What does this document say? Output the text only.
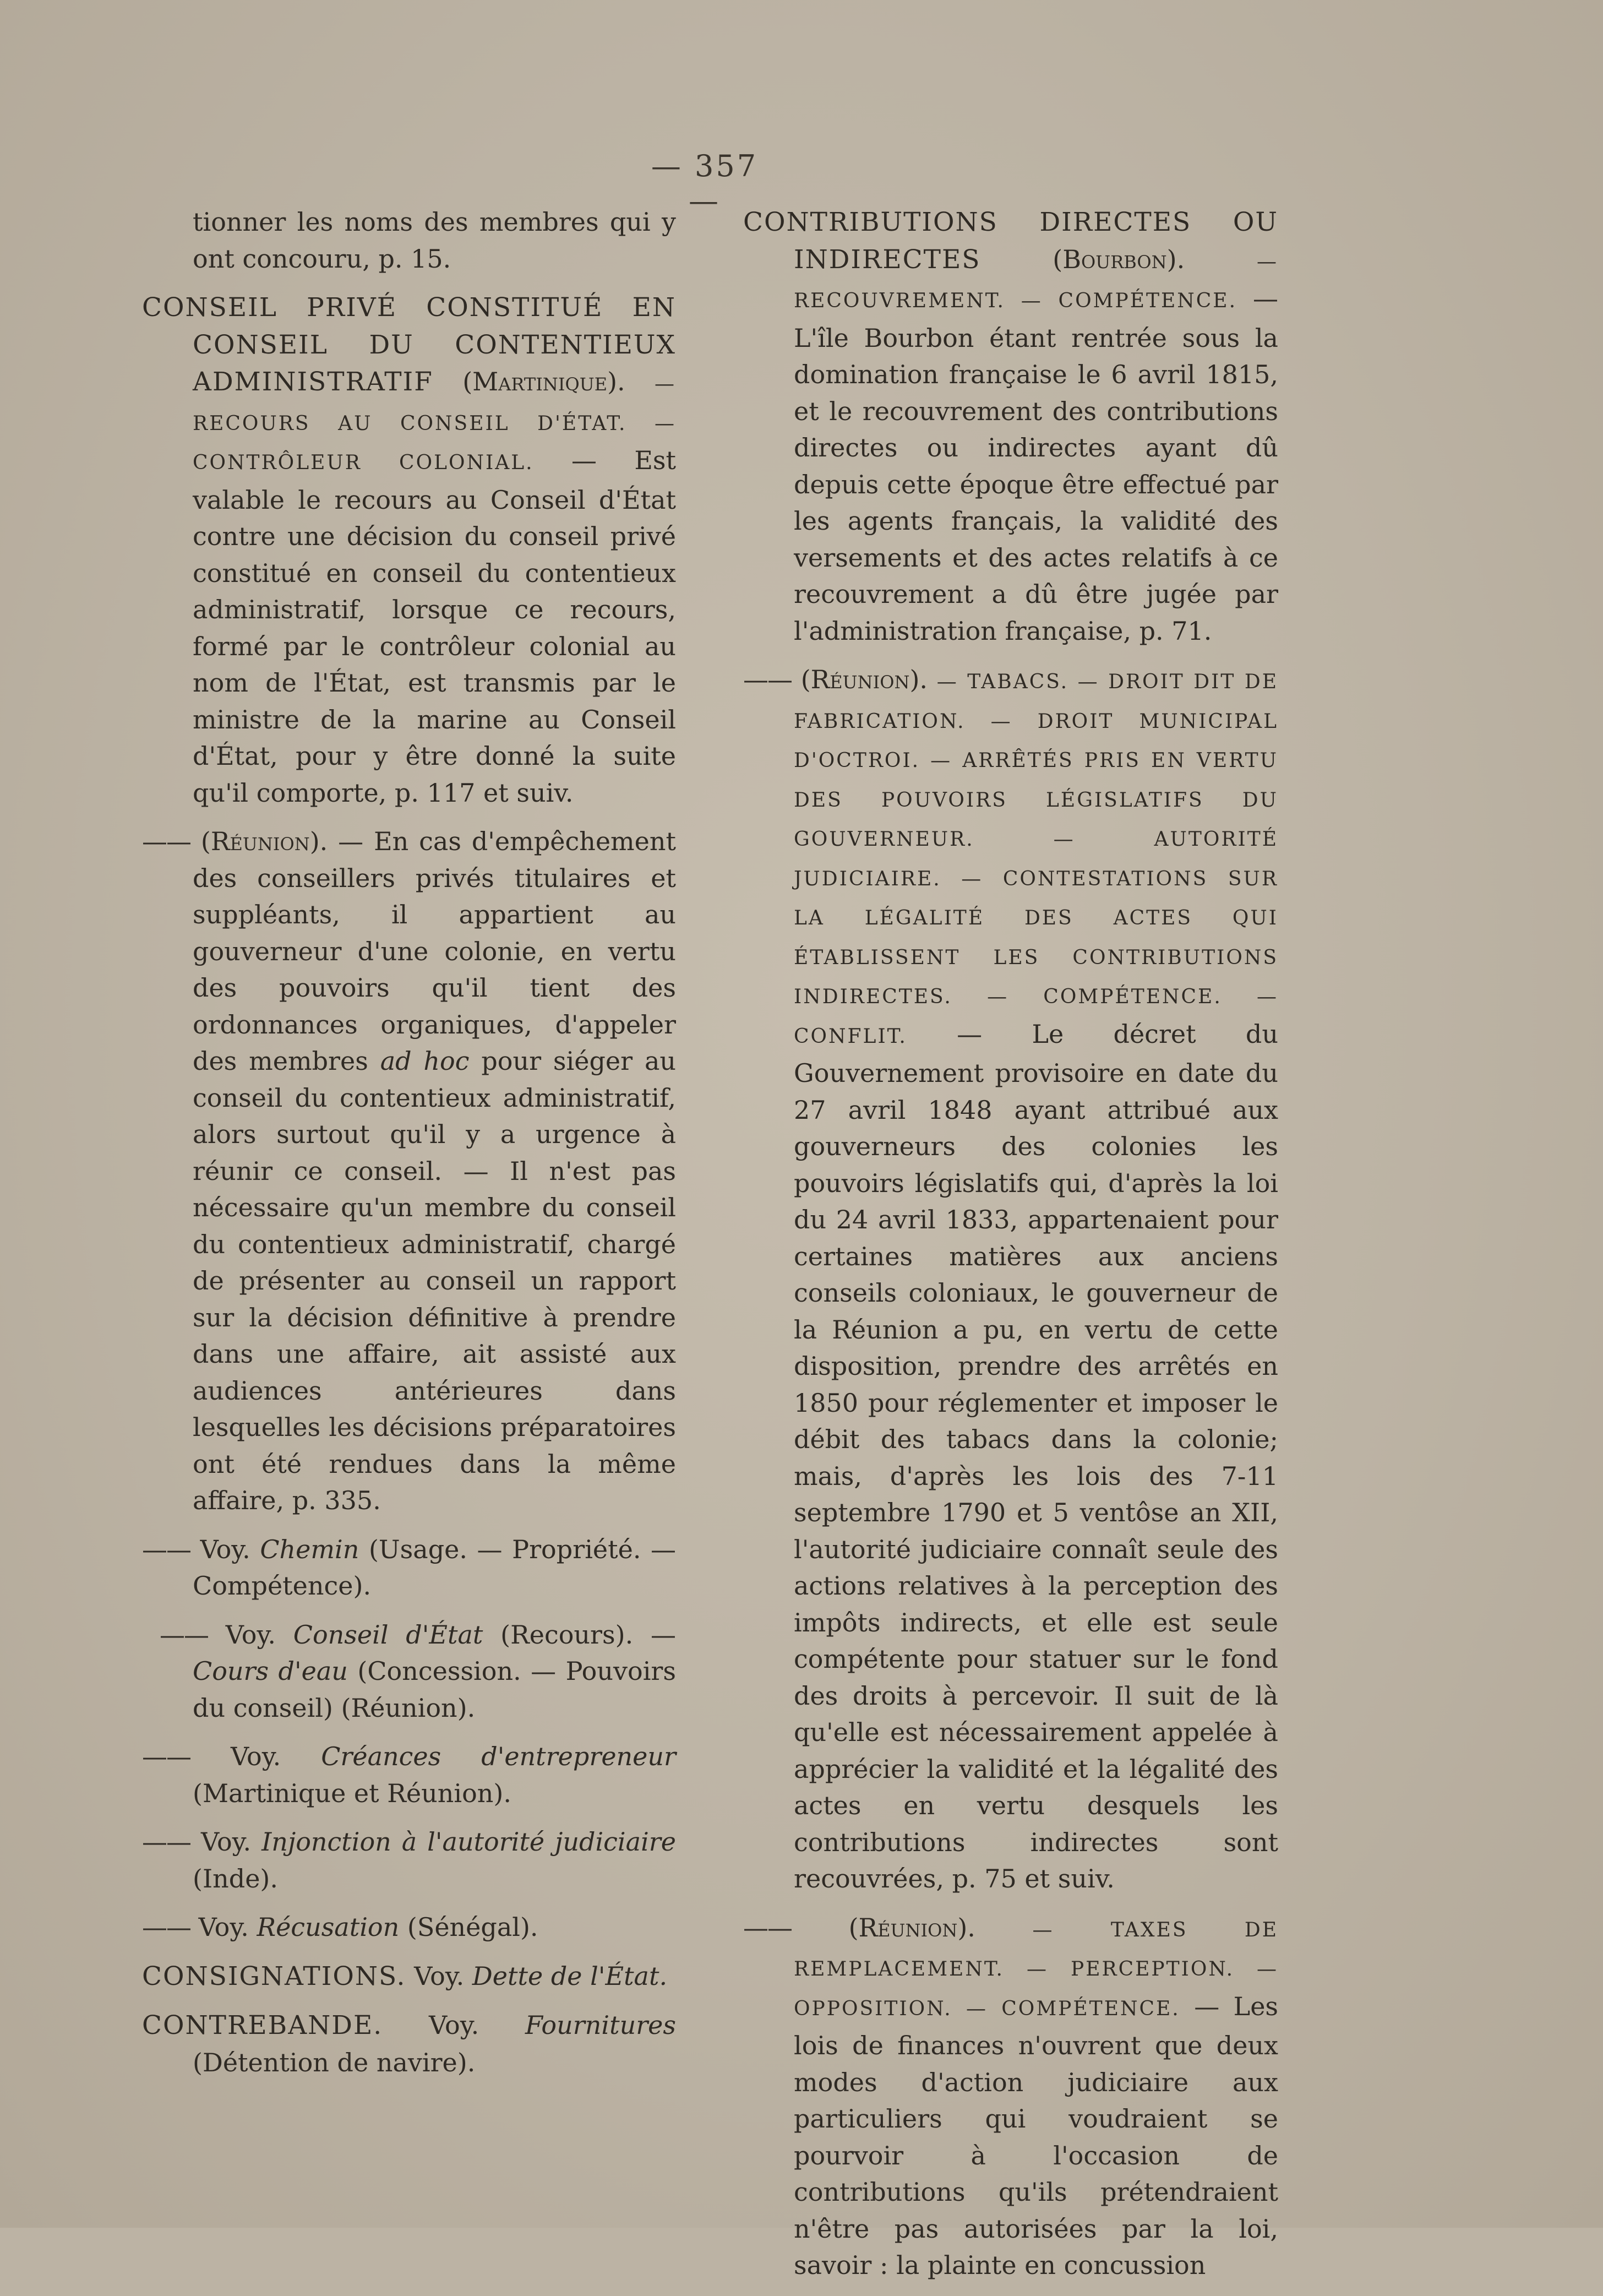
— 357 —

tionner les noms des membres qui y ont concouru, p. 15.

CONSEIL PRIVÉ CONSTITUÉ EN CONSEIL DU CONTENTIEUX ADMINISTRATIF (Martinique). — RECOURS AU CONSEIL D'ÉTAT. — CONTRÔLEUR COLONIAL. — Est valable le recours au Conseil d'État contre une décision du conseil privé constitué en conseil du contentieux administratif, lorsque ce recours, formé par le contrôleur colonial au nom de l'État, est transmis par le ministre de la marine au Conseil d'État, pour y être donné la suite qu'il comporte, p. 117 et suiv.

—— (Réunion). — En cas d'empêchement des conseillers privés titulaires et suppléants, il appartient au gouverneur d'une colonie, en vertu des pouvoirs qu'il tient des ordonnances organiques, d'appeler des membres ad hoc pour siéger au conseil du contentieux administratif, alors surtout qu'il y a urgence à réunir ce conseil. — Il n'est pas nécessaire qu'un membre du conseil du contentieux administratif, chargé de présenter au conseil un rapport sur la décision définitive à prendre dans une affaire, ait assisté aux audiences antérieures dans lesquelles les décisions préparatoires ont été rendues dans la même affaire, p. 335.

—— Voy. Chemin (Usage. — Propriété. — Compétence).

—— Voy. Conseil d'État (Recours). — Cours d'eau (Concession. — Pouvoirs du conseil) (Réunion).

—— Voy. Créances d'entrepreneur (Martinique et Réunion).

—— Voy. Injonction à l'autorité judiciaire (Inde).

—— Voy. Récusation (Sénégal).

CONSIGNATIONS. Voy. Dette de l'État.

CONTREBANDE. Voy. Fournitures (Détention de navire).

CONTRIBUTIONS DIRECTES OU INDIRECTES	(Bourbon).	— RECOUVREMENT. — COMPÉTENCE. — L'île Bourbon étant rentrée sous la domination française le 6 avril 1815, et le recouvrement des contributions directes ou indirectes ayant dû depuis cette époque être effectué par les agents français, la validité des versements et des actes relatifs à ce recouvrement a dû être jugée par l'administration française, p. 71.

—— (Réunion). — TABACS. — DROIT DIT DE FABRICATION. — DROIT MUNICIPAL D'OCTROI. — ARRÊTÉS PRIS EN VERTU DES POUVOIRS LÉGISLATIFS DU GOUVERNEUR. — AUTORITÉ JUDICIAIRE. — CONTESTATIONS SUR LA LÉGALITÉ DES ACTES QUI ÉTABLISSENT LES CONTRIBUTIONS INDIRECTES. — COMPÉTENCE. — CONFLIT. — Le décret du Gouvernement provisoire en date du 27 avril 1848 ayant attribué aux gouverneurs des colonies les pouvoirs législatifs qui, d'après la loi du 24 avril 1833, appartenaient pour certaines matières aux anciens conseils coloniaux, le gouverneur de la Réunion a pu, en vertu de cette disposition, prendre des arrêtés en 1850 pour réglementer et imposer le débit des tabacs dans la colonie; mais, d'après les lois des 7-11 septembre 1790 et 5 ventôse an XII, l'autorité judiciaire connaît seule des actions relatives à la perception des impôts indirects, et elle est seule compétente pour statuer sur le fond des droits à percevoir. Il suit de là qu'elle est nécessairement appelée à apprécier la validité et la légalité des actes en vertu desquels les contributions indirectes sont recouvrées, p. 75 et suiv.

—— (Réunion).	— TAXES DE REMPLACEMENT. — PERCEPTION. — OPPOSITION. — COMPÉTENCE. — Les lois de finances n'ouvrent que deux modes d'action judiciaire aux particuliers qui voudraient se pourvoir à l'occasion de contributions qu'ils prétendraient n'être pas autorisées par la loi, savoir : la plainte en concussion
